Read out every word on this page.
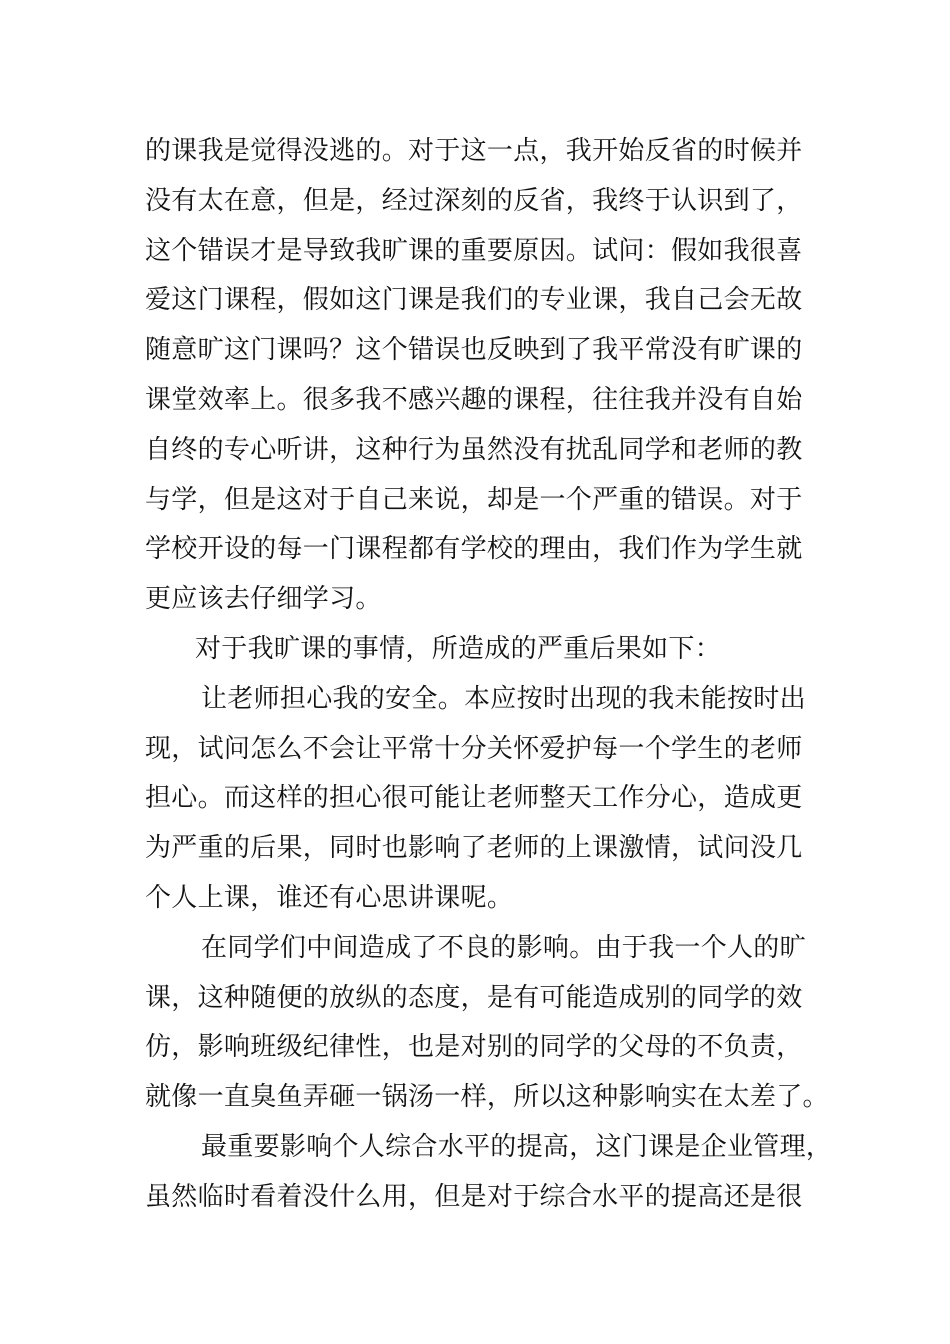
的课我是觉得没逃的。对于这一点，我开始反省的时候并
没有太在意，但是，经过深刻的反省，我终于认识到了，
这个错误才是导致我旷课的重要原因。试问：假如我很喜
爱这门课程，假如这门课是我们的专业课，我自己会无故
随意旷这门课吗？这个错误也反映到了我平常没有旷课的
课堂效率上。很多我不感兴趣的课程，往往我并没有自始
自终的专心听讲，这种行为虽然没有扰乱同学和老师的教
与学，但是这对于自己来说，却是一个严重的错误。对于
学校开设的每一门课程都有学校的理由，我们作为学生就
更应该去仔细学习。
对于我旷课的事情，所造成的严重后果如下：
让老师担心我的安全。本应按时出现的我未能按时出
现，试问怎么不会让平常十分关怀爱护每一个学生的老师
担心。而这样的担心很可能让老师整天工作分心，造成更
为严重的后果，同时也影响了老师的上课激情，试问没几
个人上课，谁还有心思讲课呢。
在同学们中间造成了不良的影响。由于我一个人的旷
课，这种随便的放纵的态度，是有可能造成别的同学的效
仿，影响班级纪律性，也是对别的同学的父母的不负责，
就像一直臭鱼弄砸一锅汤一样，所以这种影响实在太差了。
最重要影响个人综合水平的提高，这门课是企业管理，
虽然临时看着没什么用，但是对于综合水平的提高还是很
